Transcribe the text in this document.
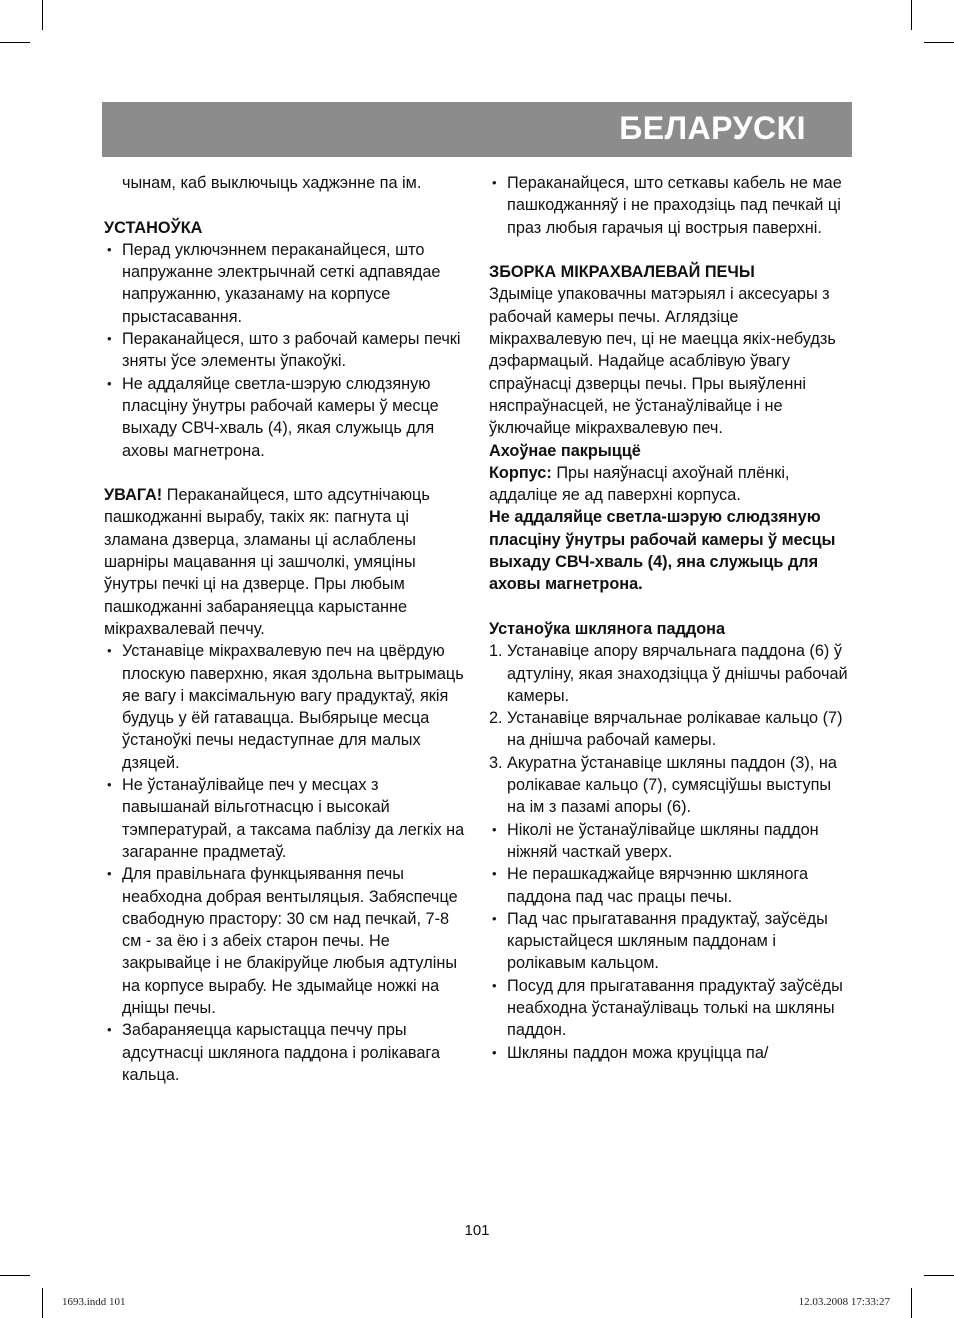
БЕЛАРУСКІ

чынам, каб выключыць хаджэнне па ім.

УСТАНОЎКА

• Перад уключэннем пераканайцеся, што напружанне электрычнай сеткі адпавядае напружанню, указанаму на корпусе прыстасавання.
• Пераканайцеся, што з рабочай камеры печкі зняты ўсе элементы ўпакоўкі.
• Не аддаляйце светла-шэрую слюдзяную пласціну ўнутры рабочай камеры ў месце выхаду СВЧ-хваль (4), якая служыць для аховы магнетрона.

УВАГА! Пераканайцеся, што адсутнічаюць пашкоджанні вырабу, такіх як: пагнута ці зламана дзверца, зламаны ці аслаблены шарніры мацавання ці зашчолкі, умяціны ўнутры печкі ці на дзверце. Пры любым пашкоджанні забараняецца карыстанне мікрахвалевай печчу.

• Устанавіце мікрахвалевую печ на цвёрдую плоскую паверхню, якая здольна вытрымаць яе вагу і максімальную вагу прадуктаў, якія будуць у ёй гатавацца. Выбярыце месца ўстаноўкі печы недаступнае для малых дзяцей.
• Не ўстанаўлівайце печ у месцах з павышанай вільготнасцю і высокай тэмпературай, а таксама паблізу да легкіх на загаранне прадметаў.
• Для правільнага функцыявання печы неабходна добрая вентыляцыя. Забяспечце свабодную прастору: 30 см над печкай, 7-8 см - за ёю і з абеіх старон печы. Не закрывайце і не блакіруйце любыя адтуліны на корпусе вырабу. Не здымайце ножкі на дніщы печы.
• Забараняецца карыстацца печчу пры адсутнасці шклянога паддона і ролікавага кальца.
• Пераканайцеся, што сеткавы кабель не мае пашкоджанняў і не праходзіць пад печкай ці праз любыя гарачыя ці вострыя паверхні.

ЗБОРКА МІКРАХВАЛЕВАЙ ПЕЧЫ

Здыміце упаковачны матэрыял і аксесуары з рабочай камеры печы. Аглядзіце мікрахвалевую печ, ці не маецца якіх-небудзь дэфармацый. Надайце асаблівую ўвагу спраўнасці дзверцы печы. Пры выяўленні няспраўнасцей, не ўстанаўлівайце і не ўключайце мікрахвалевую печ.

Ахоўнае пакрыццё

Корпус: Пры наяўнасці ахоўнай плёнкі, аддаліце яе ад паверхні корпуса.

Не аддаляйце светла-шэрую слюдзяную пласціну ўнутры рабочай камеры ў месцы выхаду СВЧ-хваль (4), яна служыць для аховы магнетрона.

Устаноўка шклянога паддона

1. Устанавіце апору вярчальнага паддона (6) ў адтуліну, якая знаходзіцца ў днішчы рабочай камеры.
2. Устанавіце вярчальнае ролікавае кальцо (7) на днішча рабочай камеры.
3. Акуратна ўстанавіце шкляны паддон (3), на ролікавае кальцо (7), сумясціўшы выступы на ім з пазамі апоры (6).
• Ніколі не ўстанаўлівайце шкляны паддон ніжняй часткай уверх.
• Не перашкаджайце вярчэнню шклянога паддона пад час працы печы.
• Пад час прыгатавання прадуктаў, заўсёды карыстайцеся шкляным паддонам і ролікавым кальцом.
• Посуд для прыгатавання прадуктаў заўсёды неабходна ўстанаўліваць толькі на шкляны паддон.
• Шкляны паддон можа круціцца па/
101
1693.indd 101	12.03.2008 17:33:27
